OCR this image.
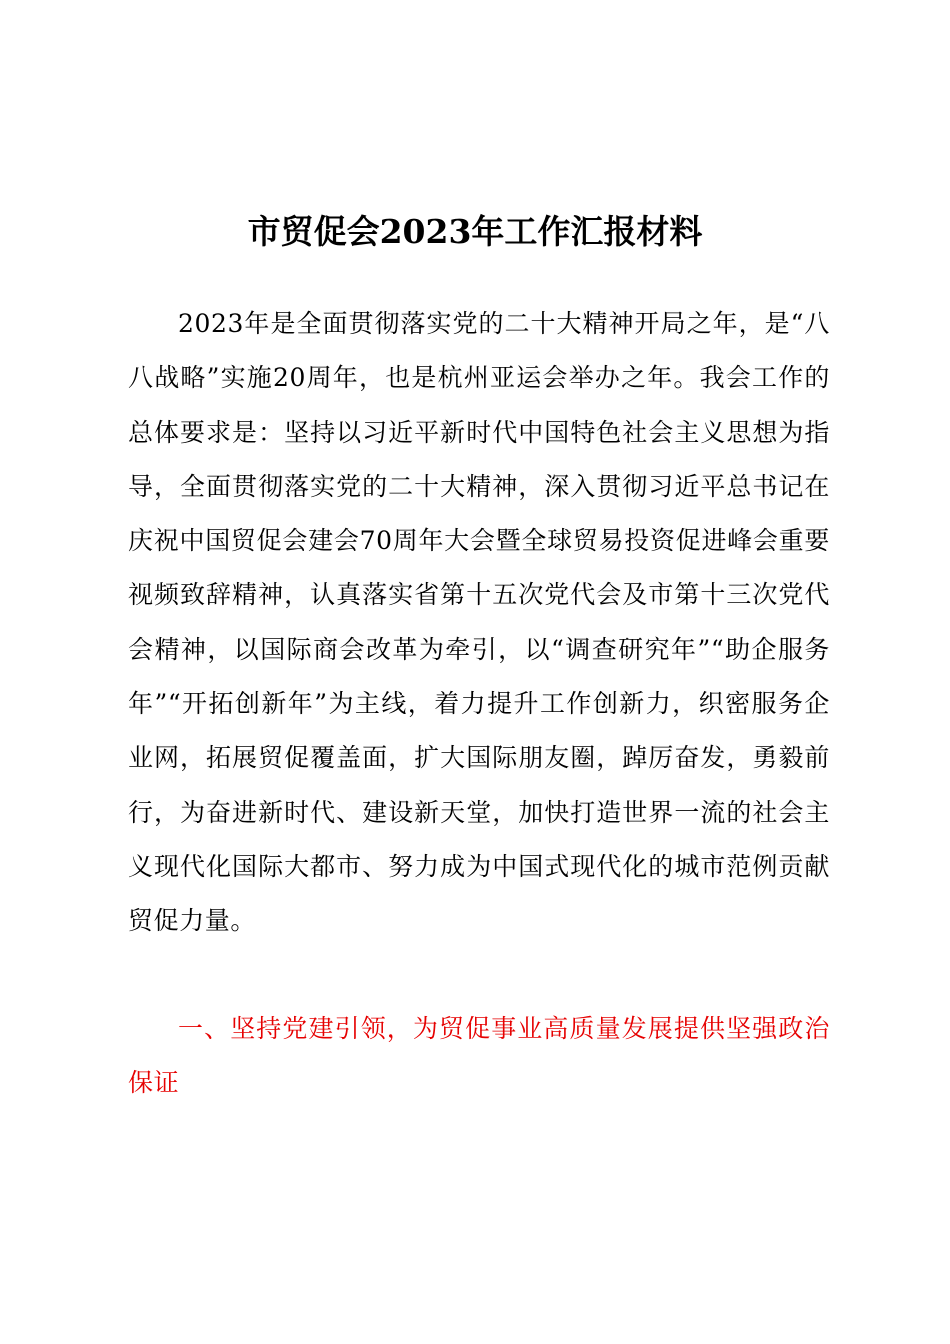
市贸促会2023年工作汇报材料

2023年是全面贯彻落实党的二十大精神开局之年，是“八八战略”实施20周年，也是杭州亚运会举办之年。我会工作的总体要求是：坚持以习近平新时代中国特色社会主义思想为指导，全面贯彻落实党的二十大精神，深入贯彻习近平总书记在庆祝中国贸促会建会70周年大会暨全球贸易投资促进峰会重要视频致辞精神，认真落实省第十五次党代会及市第十三次党代会精神，以国际商会改革为牵引，以“调查研究年”“助企服务年”“开拓创新年”为主线，着力提升工作创新力，织密服务企业网，拓展贸促覆盖面，扩大国际朋友圈，踔厉奋发，勇毅前行，为奋进新时代、建设新天堂，加快打造世界一流的社会主义现代化国际大都市、努力成为中国式现代化的城市范例贡献贸促力量。

一、坚持党建引领，为贸促事业高质量发展提供坚强政治保证
